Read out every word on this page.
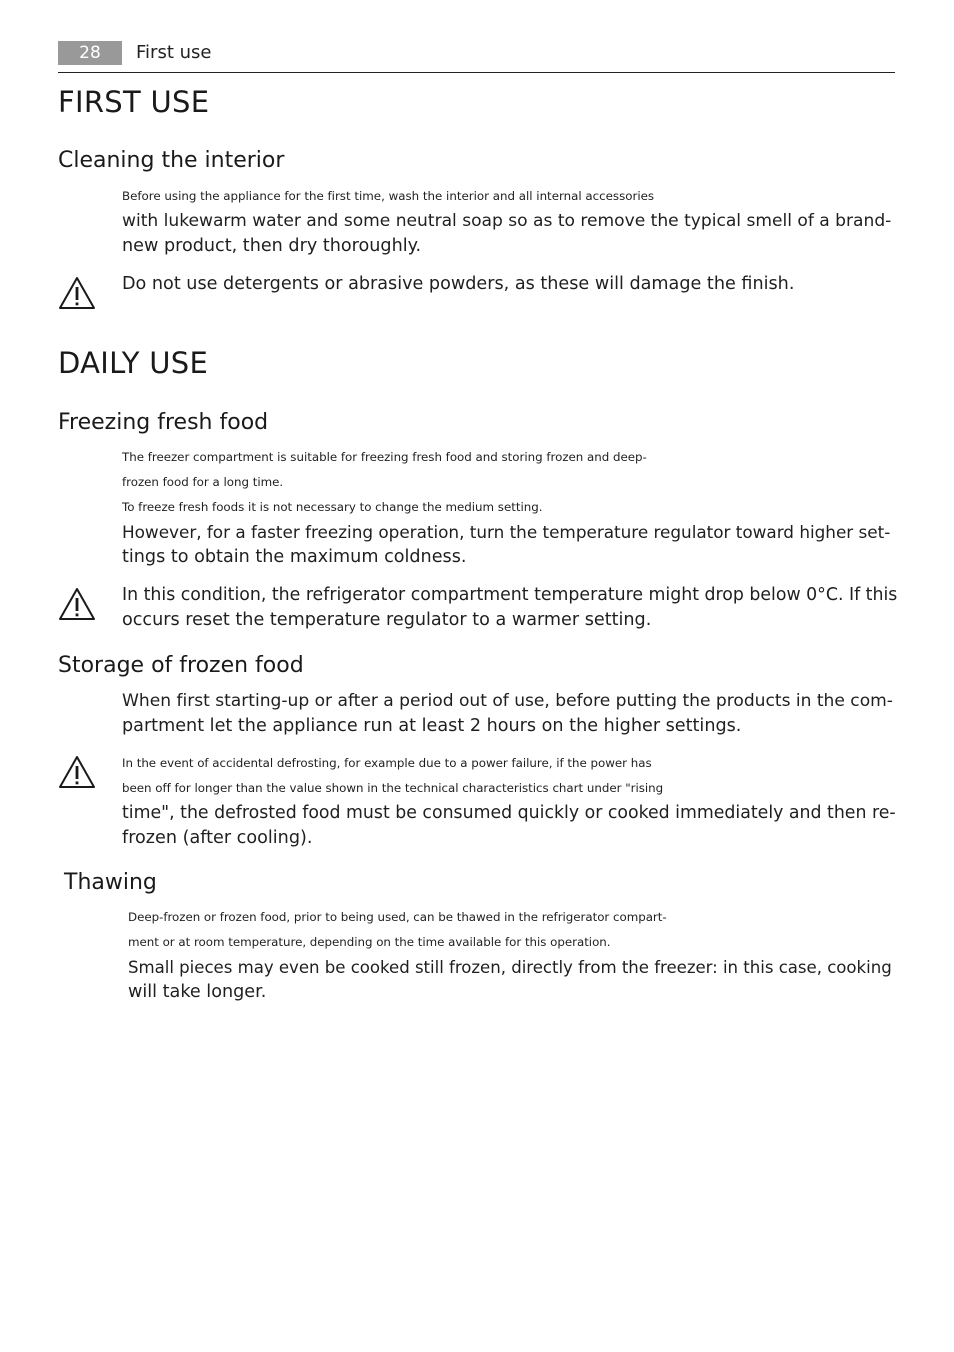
28	First use
FIRST USE
Cleaning the interior
Before using the appliance for the first time, wash the interior and all internal accessories
with lukewarm water and some neutral soap so as to remove the typical smell of a brand-
new product, then dry thoroughly.
Do not use detergents or abrasive powders, as these will damage the finish.
DAILY USE
Freezing fresh food
The freezer compartment is suitable for freezing fresh food and storing frozen and deep-
frozen food for a long time.
To freeze fresh foods it is not necessary to change the medium setting.
However, for a faster freezing operation, turn the temperature regulator toward higher set-
tings to obtain the maximum coldness.
In this condition, the refrigerator compartment temperature might drop below 0°C. If this
occurs reset the temperature regulator to a warmer setting.
Storage of frozen food
When first starting-up or after a period out of use, before putting the products in the com-
partment let the appliance run at least 2 hours on the higher settings.
In the event of accidental defrosting, for example due to a power failure, if the power has
been off for longer than the value shown in the technical characteristics chart under "rising
time", the defrosted food must be consumed quickly or cooked immediately and then re-
frozen (after cooling).
Thawing
Deep-frozen or frozen food, prior to being used, can be thawed in the refrigerator compart-
ment or at room temperature, depending on the time available for this operation.
Small pieces may even be cooked still frozen, directly from the freezer: in this case, cooking
will take longer.
